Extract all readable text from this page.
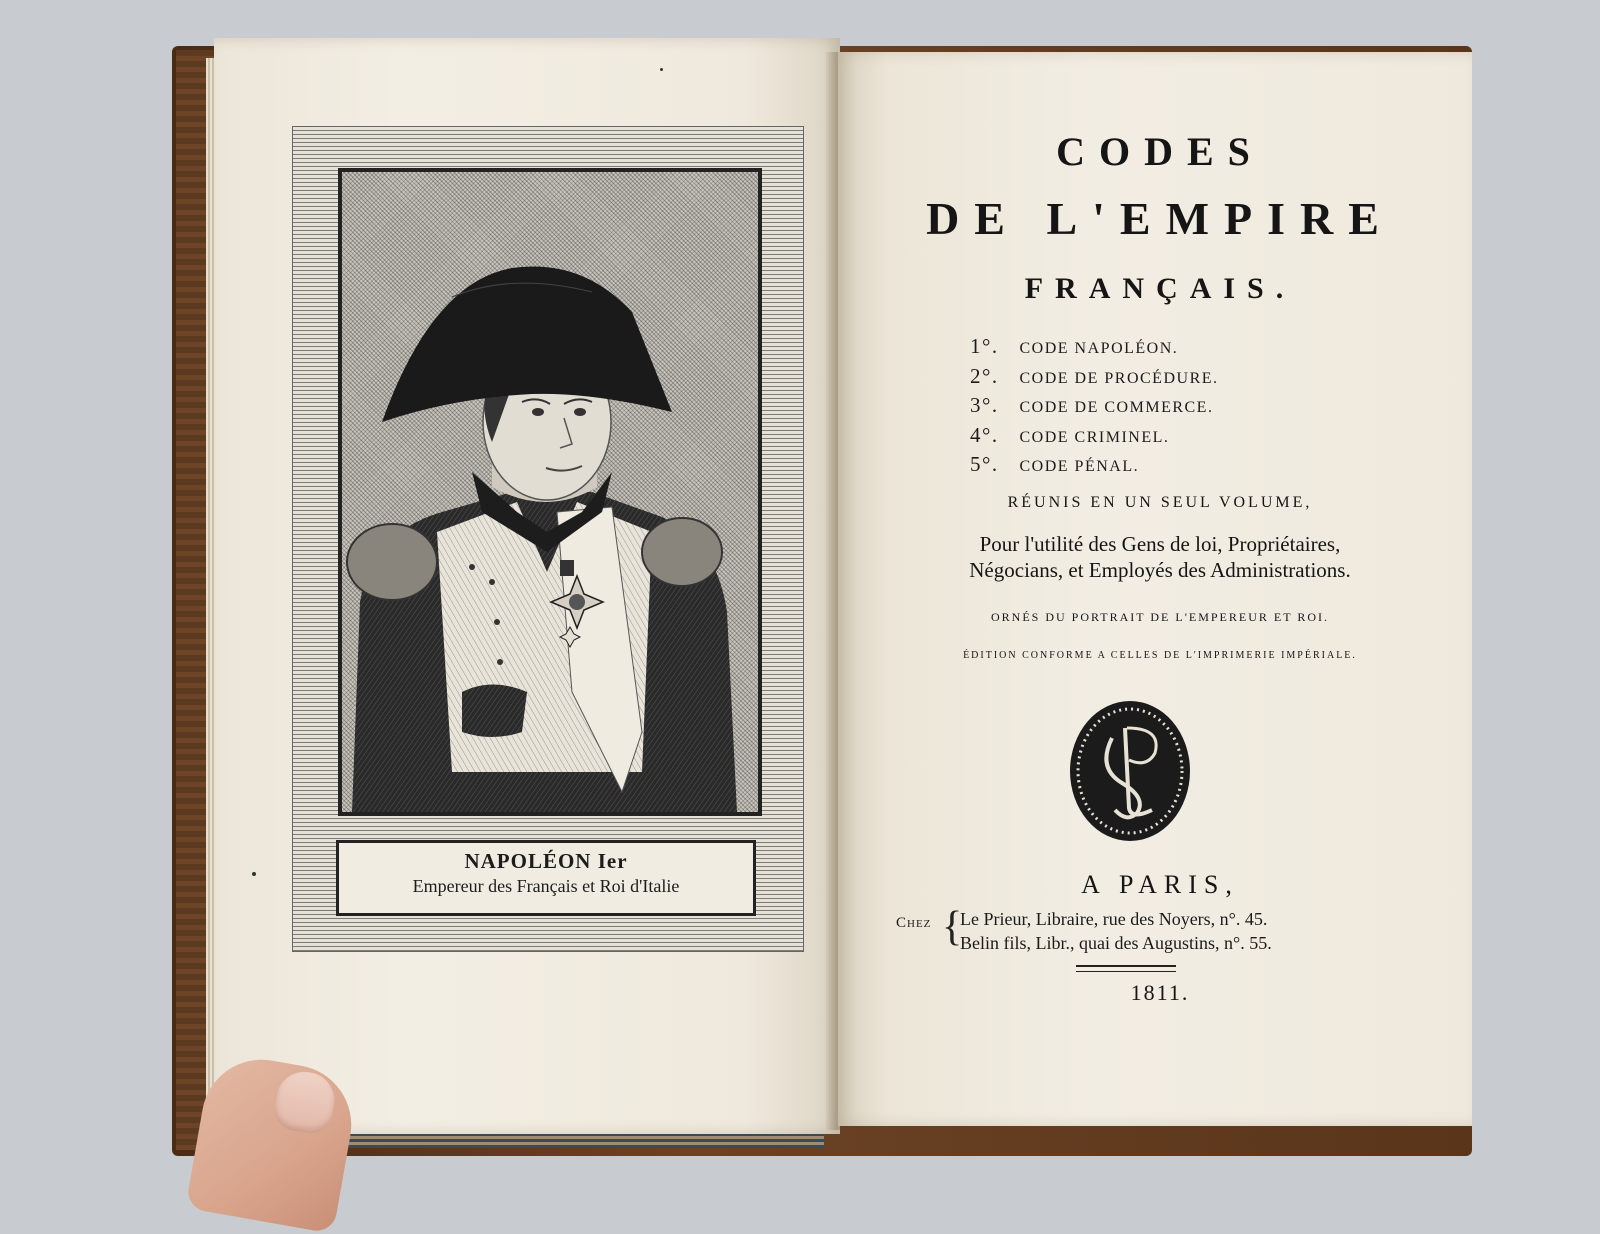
NAPOLÉON Ier
Empereur des Français et Roi d'Italie
CODES
DE L'EMPIRE
FRANÇAIS.
1°. CODE NAPOLÉON.
2°. CODE DE PROCÉDURE.
3°. CODE DE COMMERCE.
4°. CODE CRIMINEL.
5°. CODE PÉNAL.
RÉUNIS EN UN SEUL VOLUME,
Pour l'utilité des Gens de loi, Propriétaires,
Négocians, et Employés des Administrations.
ORNÉS DU PORTRAIT DE L'EMPEREUR ET ROI.
ÉDITION CONFORME A CELLES DE L'IMPRIMERIE IMPÉRIALE.
A PARIS,
Chez {
Le Prieur, Libraire, rue des Noyers, n°. 45.
Belin fils, Libr., quai des Augustins, n°. 55.
1811.
